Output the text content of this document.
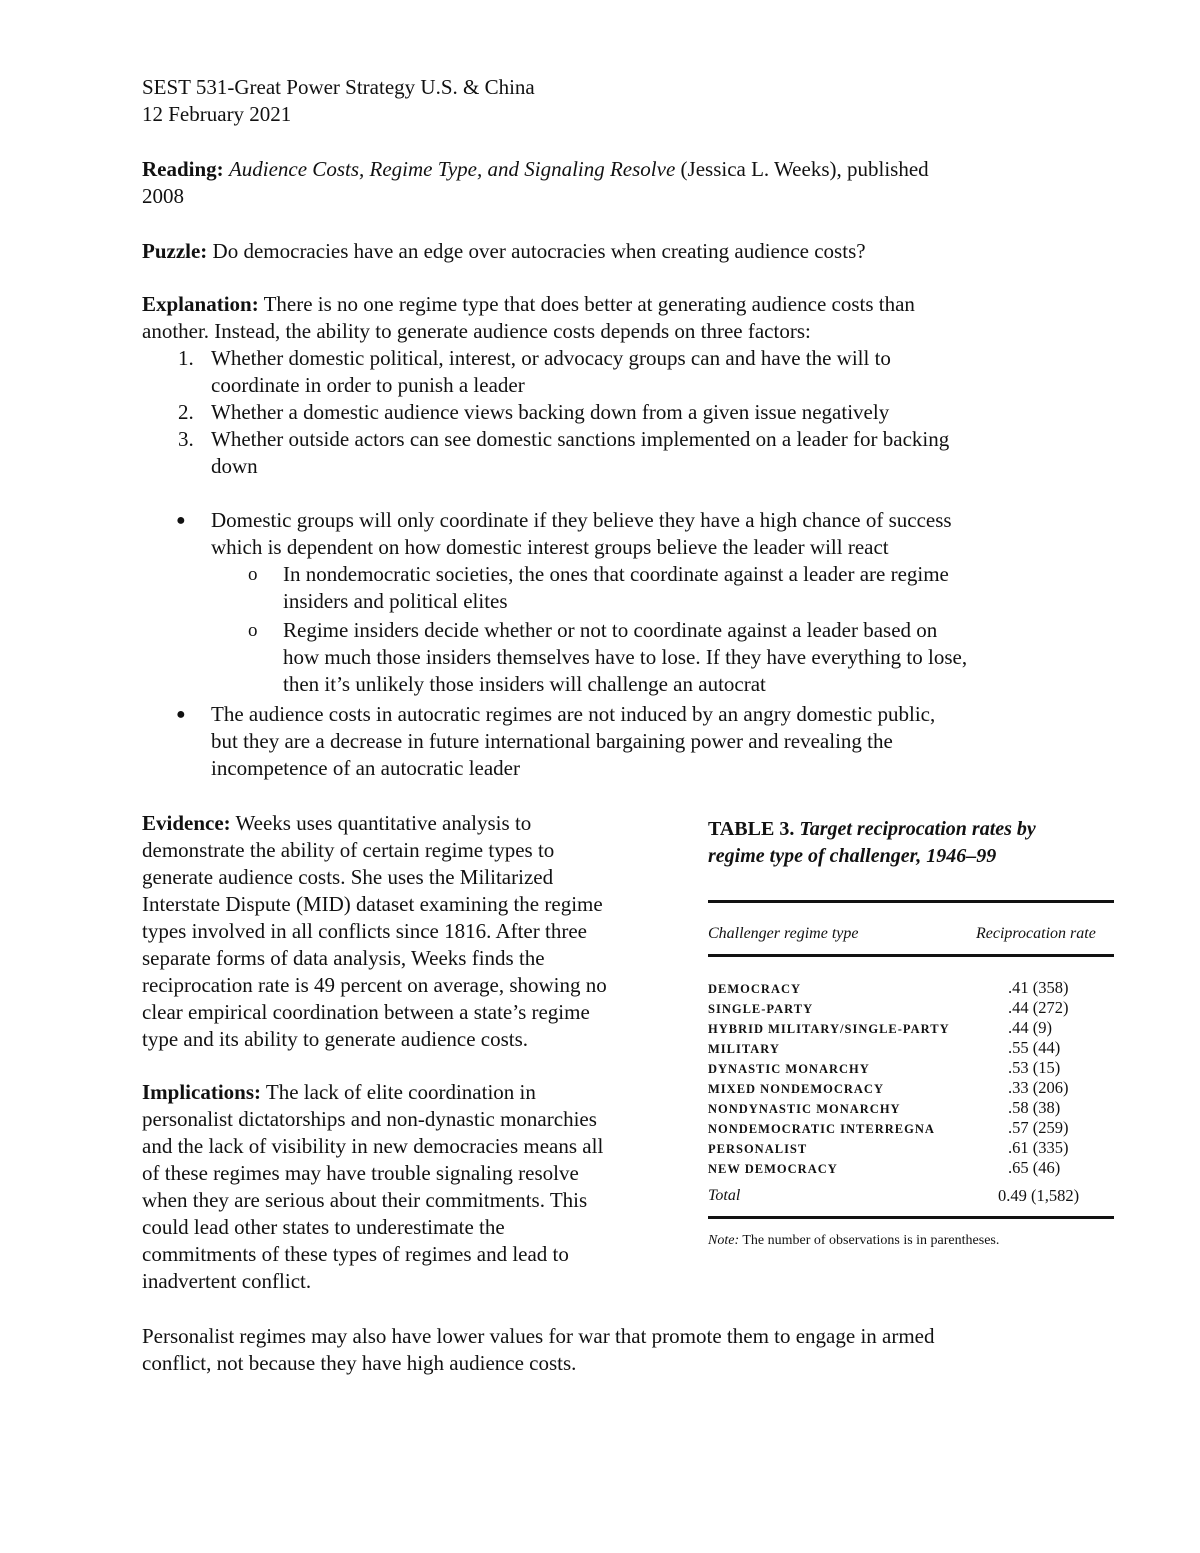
SEST 531-Great Power Strategy U.S. & China

12 February 2021

Reading: Audience Costs, Regime Type, and Signaling Resolve (Jessica L. Weeks), published

2008

Puzzle: Do democracies have an edge over autocracies when creating audience costs?

Explanation: There is no one regime type that does better at generating audience costs than

another. Instead, the ability to generate audience costs depends on three factors:

1. Whether domestic political, interest, or advocacy groups can and have the will to

coordinate in order to punish a leader

2. Whether a domestic audience views backing down from a given issue negatively

3. Whether outside actors can see domestic sanctions implemented on a leader for backing

down

● Domestic groups will only coordinate if they believe they have a high chance of success

which is dependent on how domestic interest groups believe the leader will react

o In nondemocratic societies, the ones that coordinate against a leader are regime

insiders and political elites

o Regime insiders decide whether or not to coordinate against a leader based on

how much those insiders themselves have to lose. If they have everything to lose,

then it’s unlikely those insiders will challenge an autocrat

● The audience costs in autocratic regimes are not induced by an angry domestic public,

but they are a decrease in future international bargaining power and revealing the

incompetence of an autocratic leader

Evidence: Weeks uses quantitative analysis to

demonstrate the ability of certain regime types to

generate audience costs. She uses the Militarized

Interstate Dispute (MID) dataset examining the regime

types involved in all conflicts since 1816. After three

separate forms of data analysis, Weeks finds the

reciprocation rate is 49 percent on average, showing no

clear empirical coordination between a state’s regime

type and its ability to generate audience costs.

Implications: The lack of elite coordination in

personalist dictatorships and non-dynastic monarchies

and the lack of visibility in new democracies means all

of these regimes may have trouble signaling resolve

when they are serious about their commitments. This

could lead other states to underestimate the

commitments of these types of regimes and lead to

inadvertent conflict.

Personalist regimes may also have lower values for war that promote them to engage in armed

conflict, not because they have high audience costs.

TABLE 3. Target reciprocation rates by
regime type of challenger, 1946–99
Challenger regime type	Reciprocation rate
DEMOCRACY	.41 (358)
SINGLE-PARTY	.44 (272)
HYBRID MILITARY/SINGLE-PARTY	.44 (9)
MILITARY	.55 (44)
DYNASTIC MONARCHY	.53 (15)
MIXED NONDEMOCRACY	.33 (206)
NONDYNASTIC MONARCHY	.58 (38)
NONDEMOCRATIC INTERREGNA	.57 (259)
PERSONALIST	.61 (335)
NEW DEMOCRACY	.65 (46)
Total	0.49 (1,582)
Note: The number of observations is in parentheses.
